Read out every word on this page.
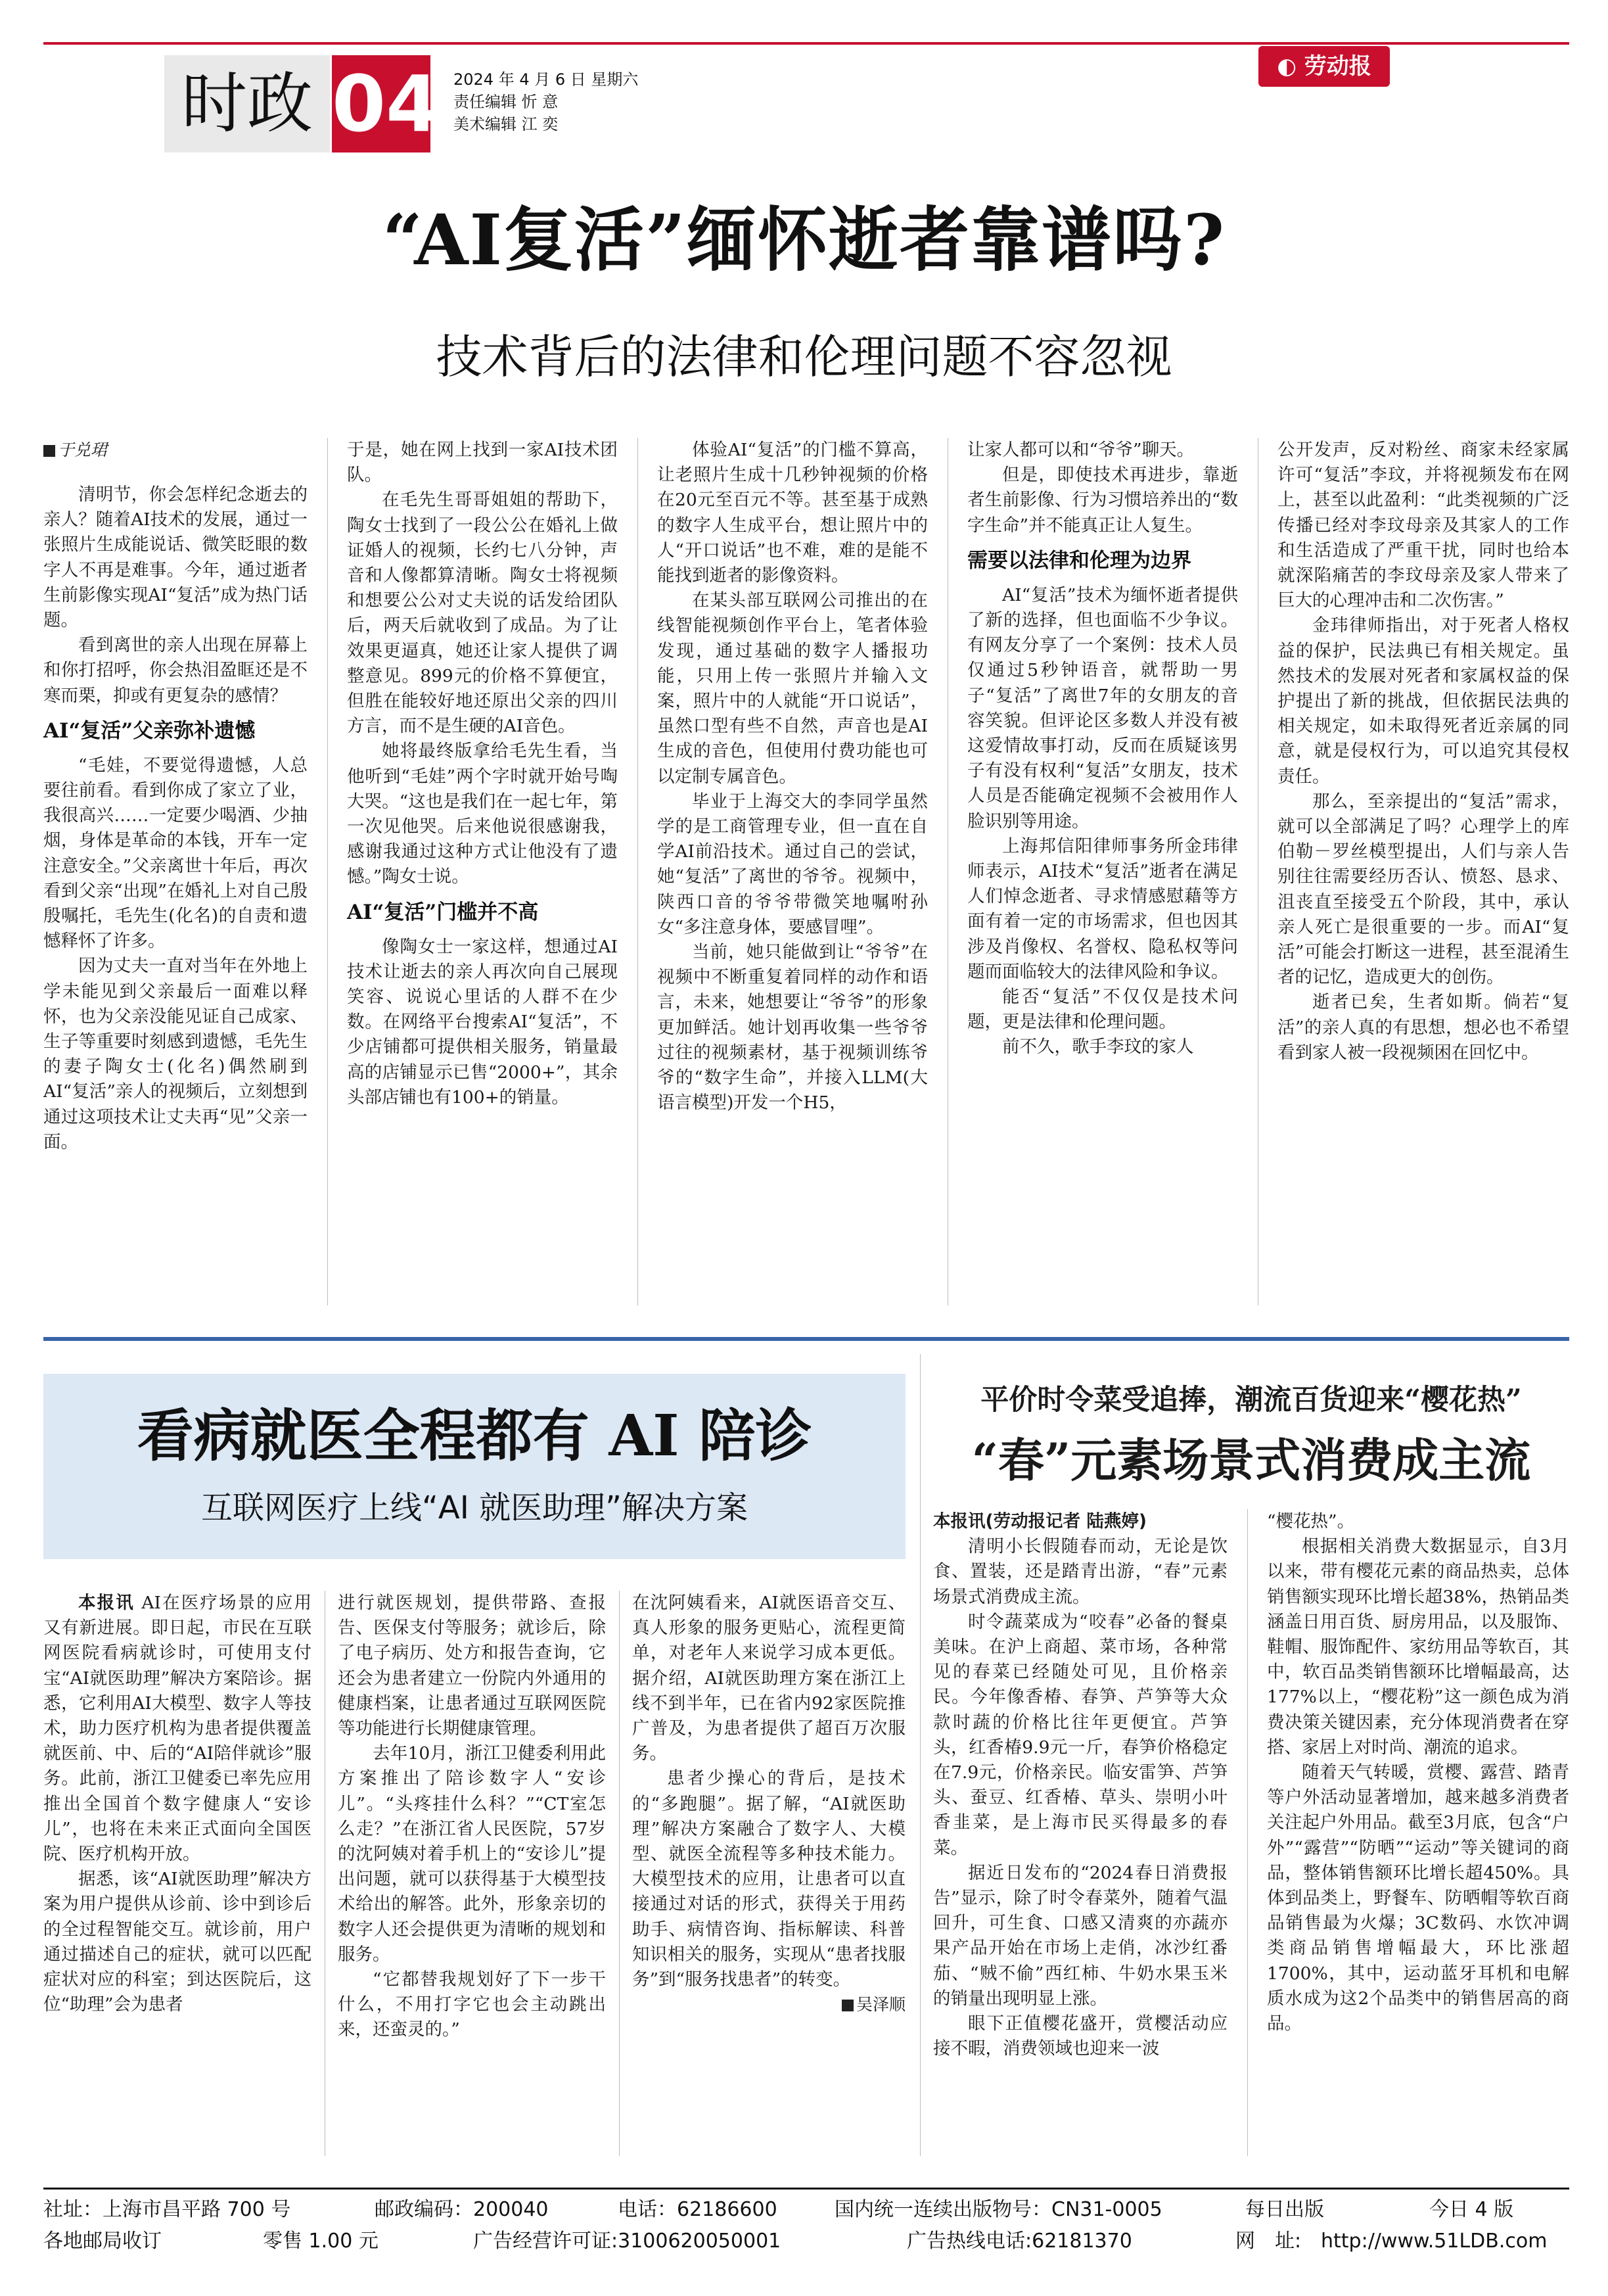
时政 04 2024 年 4 月 6 日 星期六
责任编辑 忻 意
美术编辑 江 奕
◐ 劳动报
“AI复活”缅怀逝者靠谱吗?
技术背后的法律和伦理问题不容忽视
于兑珺

清明节，你会怎样纪念逝去的亲人？随着AI技术的发展，通过一张照片生成能说话、微笑眨眼的数字人不再是难事。今年，通过逝者生前影像实现AI“复活”成为热门话题。

看到离世的亲人出现在屏幕上和你打招呼，你会热泪盈眶还是不寒而栗，抑或有更复杂的感情？

AI“复活”父亲弥补遗憾

“毛娃，不要觉得遗憾，人总要往前看。看到你成了家立了业，我很高兴……一定要少喝酒、少抽烟，身体是革命的本钱，开车一定注意安全。”父亲离世十年后，再次看到父亲“出现”在婚礼上对自己殷殷嘱托，毛先生(化名)的自责和遗憾释怀了许多。

因为丈夫一直对当年在外地上学未能见到父亲最后一面难以释怀，也为父亲没能见证自己成家、生子等重要时刻感到遗憾，毛先生的妻子陶女士(化名)偶然刷到AI“复活”亲人的视频后，立刻想到通过这项技术让丈夫再“见”父亲一面。

于是，她在网上找到一家AI技术团队。

在毛先生哥哥姐姐的帮助下，陶女士找到了一段公公在婚礼上做证婚人的视频，长约七八分钟，声音和人像都算清晰。陶女士将视频和想要公公对丈夫说的话发给团队后，两天后就收到了成品。为了让效果更逼真，她还让家人提供了调整意见。899元的价格不算便宜，但胜在能较好地还原出父亲的四川方言，而不是生硬的AI音色。

她将最终版拿给毛先生看，当他听到“毛娃”两个字时就开始号啕大哭。“这也是我们在一起七年，第一次见他哭。后来他说很感谢我，感谢我通过这种方式让他没有了遗憾。”陶女士说。

AI“复活”门槛并不高

像陶女士一家这样，想通过AI技术让逝去的亲人再次向自己展现笑容、说说心里话的人群不在少数。在网络平台搜索AI“复活”，不少店铺都可提供相关服务，销量最高的店铺显示已售“2000+”，其余头部店铺也有100+的销量。

体验AI“复活”的门槛不算高，让老照片生成十几秒钟视频的价格在20元至百元不等。甚至基于成熟的数字人生成平台，想让照片中的人“开口说话”也不难，难的是能不能找到逝者的影像资料。

在某头部互联网公司推出的在线智能视频创作平台上，笔者体验发现，通过基础的数字人播报功能，只用上传一张照片并输入文案，照片中的人就能“开口说话”，虽然口型有些不自然，声音也是AI生成的音色，但使用付费功能也可以定制专属音色。

毕业于上海交大的李同学虽然学的是工商管理专业，但一直在自学AI前沿技术。通过自己的尝试，她“复活”了离世的爷爷。视频中，陕西口音的爷爷带微笑地嘱咐孙女“多注意身体，要感冒哩”。

当前，她只能做到让“爷爷”在视频中不断重复着同样的动作和语言，未来，她想要让“爷爷”的形象更加鲜活。她计划再收集一些爷爷过往的视频素材，基于视频训练爷爷的“数字生命”，并接入LLM(大语言模型)开发一个H5，

让家人都可以和“爷爷”聊天。

但是，即使技术再进步，靠逝者生前影像、行为习惯培养出的“数字生命”并不能真正让人复生。

需要以法律和伦理为边界

AI“复活”技术为缅怀逝者提供了新的选择，但也面临不少争议。有网友分享了一个案例：技术人员仅通过5秒钟语音，就帮助一男子“复活”了离世7年的女朋友的音容笑貌。但评论区多数人并没有被这爱情故事打动，反而在质疑该男子有没有权利“复活”女朋友，技术人员是否能确定视频不会被用作人脸识别等用途。

上海邦信阳律师事务所金玮律师表示，AI技术“复活”逝者在满足人们悼念逝者、寻求情感慰藉等方面有着一定的市场需求，但也因其涉及肖像权、名誉权、隐私权等问题而面临较大的法律风险和争议。

能否“复活”不仅仅是技术问题，更是法律和伦理问题。

前不久，歌手李玟的家人

公开发声，反对粉丝、商家未经家属许可“复活”李玟，并将视频发布在网上，甚至以此盈利：“此类视频的广泛传播已经对李玟母亲及其家人的工作和生活造成了严重干扰，同时也给本就深陷痛苦的李玟母亲及家人带来了巨大的心理冲击和二次伤害。”

金玮律师指出，对于死者人格权益的保护，民法典已有相关规定。虽然技术的发展对死者和家属权益的保护提出了新的挑战，但依据民法典的相关规定，如未取得死者近亲属的同意，就是侵权行为，可以追究其侵权责任。

那么，至亲提出的“复活”需求，就可以全部满足了吗？心理学上的库伯勒－罗丝模型提出，人们与亲人告别往往需要经历否认、愤怒、恳求、沮丧直至接受五个阶段，其中，承认亲人死亡是很重要的一步。而AI“复活”可能会打断这一进程，甚至混淆生者的记忆，造成更大的创伤。

逝者已矣，生者如斯。倘若“复活”的亲人真的有思想，想必也不希望看到家人被一段视频困在回忆中。

看病就医全程都有 AI 陪诊
互联网医疗上线“AI 就医助理”解决方案

本报讯 AI在医疗场景的应用又有新进展。即日起，市民在互联网医院看病就诊时，可使用支付宝“AI就医助理”解决方案陪诊。据悉，它利用AI大模型、数字人等技术，助力医疗机构为患者提供覆盖就医前、中、后的“AI陪伴就诊”服务。此前，浙江卫健委已率先应用推出全国首个数字健康人“安诊儿”，也将在未来正式面向全国医院、医疗机构开放。

据悉，该“AI就医助理”解决方案为用户提供从诊前、诊中到诊后的全过程智能交互。就诊前，用户通过描述自己的症状，就可以匹配症状对应的科室；到达医院后，这位“助理”会为患者

进行就医规划，提供带路、查报告、医保支付等服务；就诊后，除了电子病历、处方和报告查询，它还会为患者建立一份院内外通用的健康档案，让患者通过互联网医院等功能进行长期健康管理。

去年10月，浙江卫健委利用此方案推出了陪诊数字人“安诊儿”。“头疼挂什么科？”“CT室怎么走？”在浙江省人民医院，57岁的沈阿姨对着手机上的“安诊儿”提出问题，就可以获得基于大模型技术给出的解答。此外，形象亲切的数字人还会提供更为清晰的规划和服务。

“它都替我规划好了下一步干什么，不用打字它也会主动跳出来，还蛮灵的。”

在沈阿姨看来，AI就医语音交互、真人形象的服务更贴心，流程更简单，对老年人来说学习成本更低。据介绍，AI就医助理方案在浙江上线不到半年，已在省内92家医院推广普及，为患者提供了超百万次服务。

患者少操心的背后，是技术的“多跑腿”。据了解，“AI就医助理”解决方案融合了数字人、大模型、就医全流程等多种技术能力。大模型技术的应用，让患者可以直接通过对话的形式，获得关于用药助手、病情咨询、指标解读、科普知识相关的服务，实现从“患者找服务”到“服务找患者”的转变。

吴泽顺
平价时令菜受追捧，潮流百货迎来“樱花热”
“春”元素场景式消费成主流

本报讯(劳动报记者 陆燕婷)

清明小长假随春而动，无论是饮食、置装，还是踏青出游，“春”元素场景式消费成主流。

时令蔬菜成为“咬春”必备的餐桌美味。在沪上商超、菜市场，各种常见的春菜已经随处可见，且价格亲民。今年像香椿、春笋、芦笋等大众款时蔬的价格比往年更便宜。芦笋头，红香椿9.9元一斤，春笋价格稳定在7.9元，价格亲民。临安雷笋、芦笋头、蚕豆、红香椿、草头、崇明小叶香韭菜，是上海市民买得最多的春菜。

据近日发布的“2024春日消费报告”显示，除了时令春菜外，随着气温回升，可生食、口感又清爽的亦蔬亦果产品开始在市场上走俏，冰沙红番茄、“贼不偷”西红柿、牛奶水果玉米的销量出现明显上涨。

眼下正值樱花盛开，赏樱活动应接不暇，消费领域也迎来一波

“樱花热”。

根据相关消费大数据显示，自3月以来，带有樱花元素的商品热卖，总体销售额实现环比增长超38%，热销品类涵盖日用百货、厨房用品，以及服饰、鞋帽、服饰配件、家纺用品等软百，其中，软百品类销售额环比增幅最高，达177%以上，“樱花粉”这一颜色成为消费决策关键因素，充分体现消费者在穿搭、家居上对时尚、潮流的追求。

随着天气转暖，赏樱、露营、踏青等户外活动显著增加，越来越多消费者关注起户外用品。截至3月底，包含“户外”“露营”“防晒”“运动”等关键词的商品，整体销售额环比增长超450%。具体到品类上，野餐车、防晒帽等软百商品销售最为火爆；3C数码、水饮冲调类商品销售增幅最大，环比涨超1700%，其中，运动蓝牙耳机和电解质水成为这2个品类中的销售居高的商品。

社址：上海市昌平路 700 号	邮政编码：200040	电话：62186600	国内统一连续出版物号：CN31-0005	每日出版	今日 4 版
各地邮局收订	零售 1.00 元	广告经营许可证:3100620050001	广告热线电话:62181370	网　址: http://www.51LDB.com
